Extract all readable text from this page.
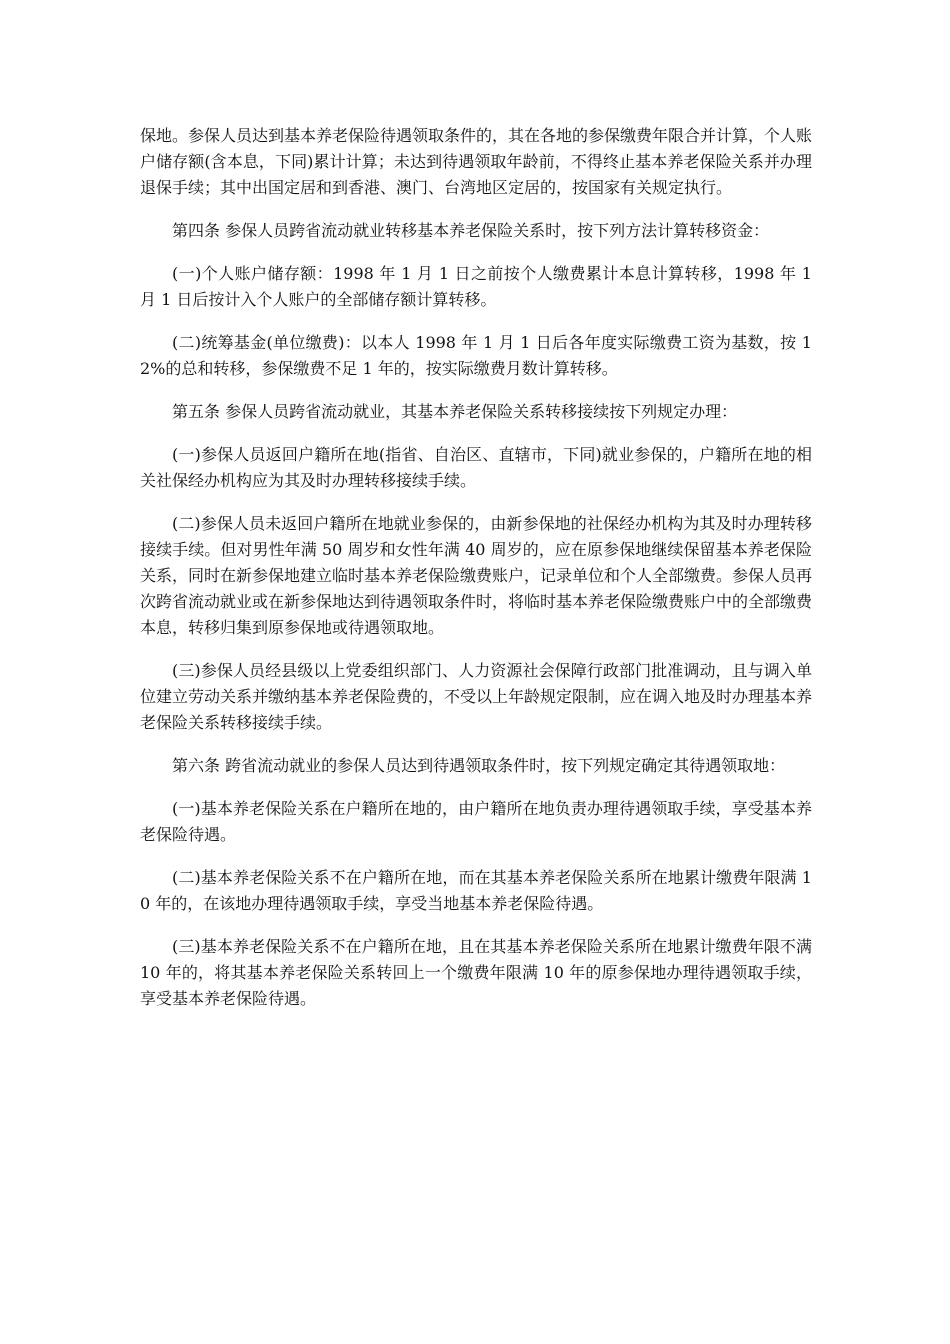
保地。参保人员达到基本养老保险待遇领取条件的，其在各地的参保缴费年限合并计算，个人账户储存额(含本息，下同)累计计算；未达到待遇领取年龄前，不得终止基本养老保险关系并办理退保手续；其中出国定居和到香港、澳门、台湾地区定居的，按国家有关规定执行。

第四条 参保人员跨省流动就业转移基本养老保险关系时，按下列方法计算转移资金：

(一)个人账户储存额：1998 年 1 月 1 日之前按个人缴费累计本息计算转移，1998 年 1 月 1 日后按计入个人账户的全部储存额计算转移。

(二)统筹基金(单位缴费)：以本人 1998 年 1 月 1 日后各年度实际缴费工资为基数，按 12%的总和转移，参保缴费不足 1 年的，按实际缴费月数计算转移。

第五条 参保人员跨省流动就业，其基本养老保险关系转移接续按下列规定办理：

(一)参保人员返回户籍所在地(指省、自治区、直辖市，下同)就业参保的，户籍所在地的相关社保经办机构应为其及时办理转移接续手续。

(二)参保人员未返回户籍所在地就业参保的，由新参保地的社保经办机构为其及时办理转移接续手续。但对男性年满 50 周岁和女性年满 40 周岁的，应在原参保地继续保留基本养老保险关系，同时在新参保地建立临时基本养老保险缴费账户，记录单位和个人全部缴费。参保人员再次跨省流动就业或在新参保地达到待遇领取条件时，将临时基本养老保险缴费账户中的全部缴费本息，转移归集到原参保地或待遇领取地。

(三)参保人员经县级以上党委组织部门、人力资源社会保障行政部门批准调动，且与调入单位建立劳动关系并缴纳基本养老保险费的，不受以上年龄规定限制，应在调入地及时办理基本养老保险关系转移接续手续。

第六条 跨省流动就业的参保人员达到待遇领取条件时，按下列规定确定其待遇领取地：

(一)基本养老保险关系在户籍所在地的，由户籍所在地负责办理待遇领取手续，享受基本养老保险待遇。

(二)基本养老保险关系不在户籍所在地，而在其基本养老保险关系所在地累计缴费年限满 10 年的，在该地办理待遇领取手续，享受当地基本养老保险待遇。

(三)基本养老保险关系不在户籍所在地，且在其基本养老保险关系所在地累计缴费年限不满 10 年的，将其基本养老保险关系转回上一个缴费年限满 10 年的原参保地办理待遇领取手续，享受基本养老保险待遇。
